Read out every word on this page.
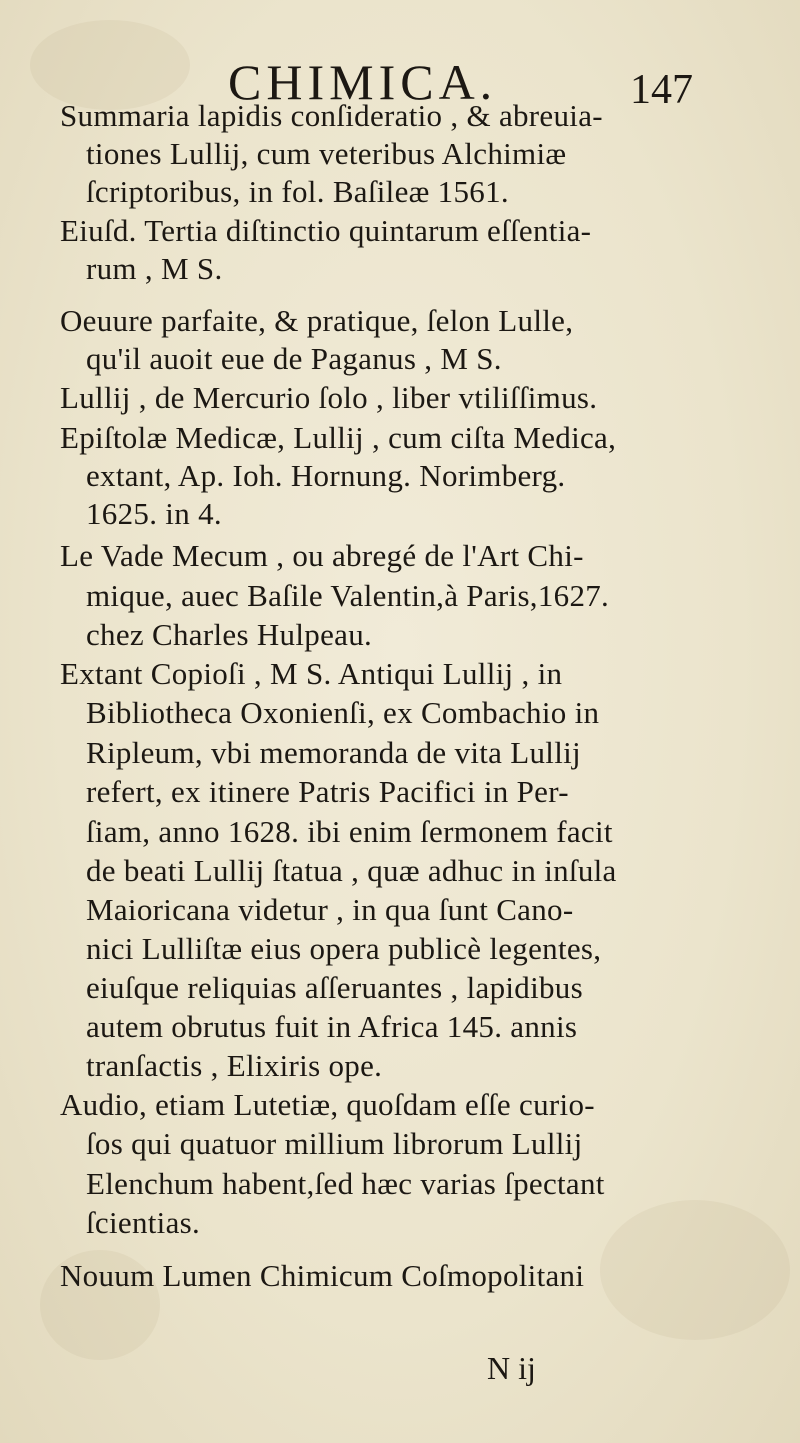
CHIMICA.	147
Summaria lapidis conſideratio , & abreuia-
tiones Lullij, cum veteribus Alchimiæ
ſcriptoribus, in fol. Baſileæ 1561.
Eiuſd. Tertia diſtinctio quintarum eſſentia-
rum , M S.
Oeuure parfaite, & pratique, ſelon Lulle,
qu'il auoit eue de Paganus , M S.
Lullij , de Mercurio ſolo , liber vtiliſſimus.
Epiſtolæ Medicæ, Lullij , cum ciſta Medica,
extant, Ap. Ioh. Hornung. Norimberg.
1625. in 4.
Le Vade Mecum , ou abregé de l'Art Chi-
mique, auec Baſile Valentin,à Paris,1627.
chez Charles Hulpeau.
Extant Copioſi , M S. Antiqui Lullij , in
Bibliotheca Oxonienſi, ex Combachio in
Ripleum, vbi memoranda de vita Lullij
refert, ex itinere Patris Pacifici in Per-
ſiam, anno 1628. ibi enim ſermonem facit
de beati Lullij ſtatua , quæ adhuc in inſula
Maioricana videtur , in qua ſunt Cano-
nici Lulliſtæ eius opera publicè legentes,
eiuſque reliquias aſſeruantes , lapidibus
autem obrutus fuit in Africa 145. annis
tranſactis , Elixiris ope.
Audio, etiam Lutetiæ, quoſdam eſſe curio-
ſos qui quatuor millium librorum Lullij
Elenchum habent,ſed hæc varias ſpectant
ſcientias.
Nouum Lumen Chimicum Coſmopolitani
N ij
